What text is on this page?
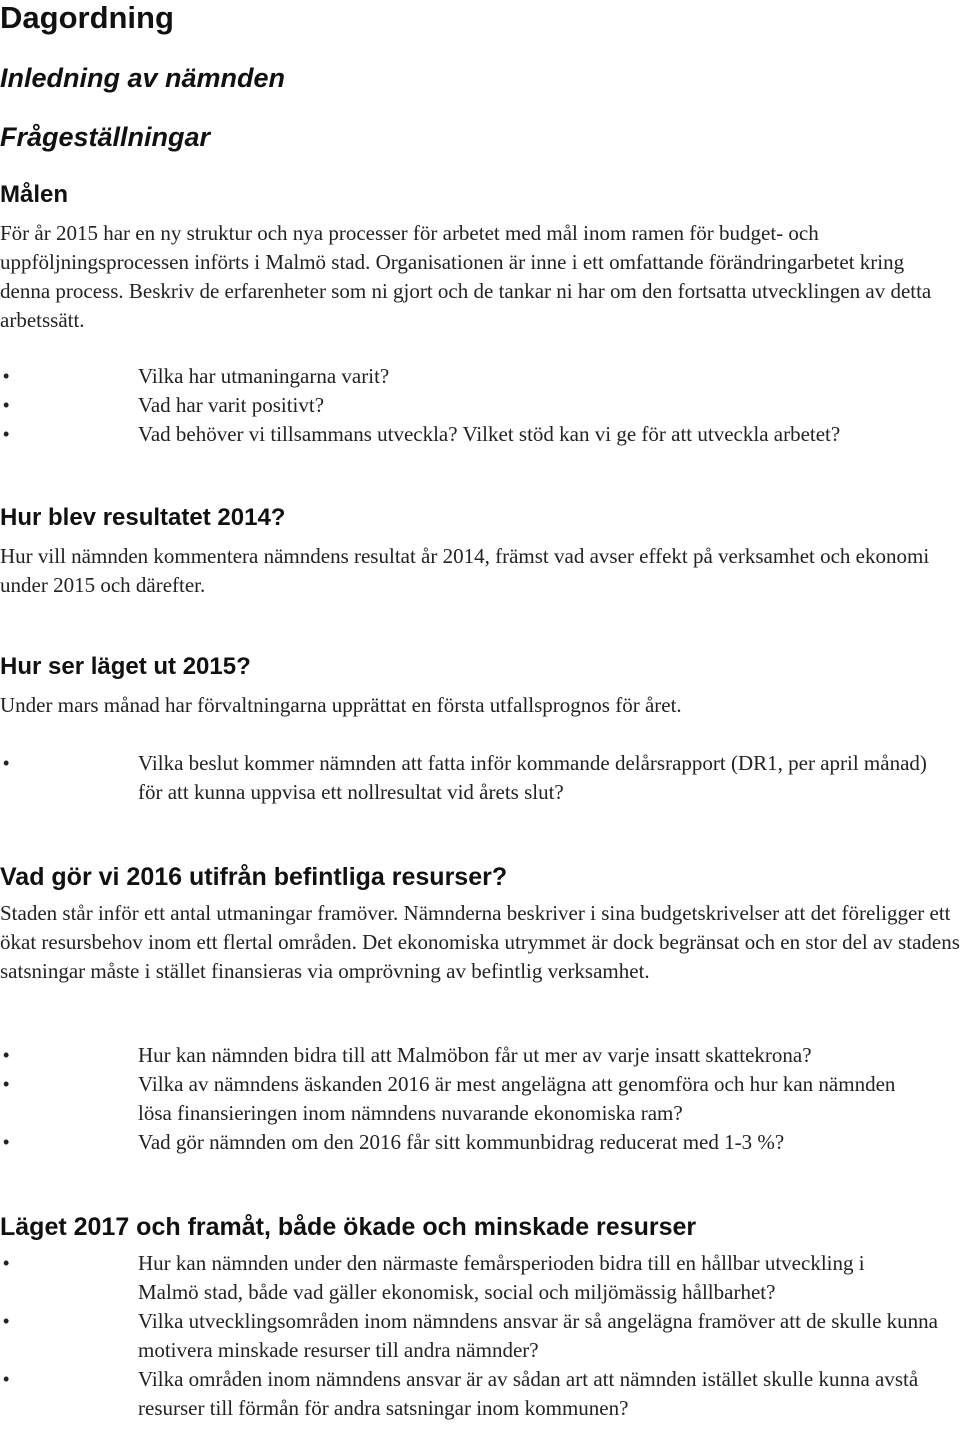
Dagordning
Inledning av nämnden
Frågeställningar
Målen

För år 2015 har en ny struktur och nya processer för arbetet med mål inom ramen för budget- och uppföljningsprocessen införts i Malmö stad. Organisationen är inne i ett omfattande förändringarbetet kring denna process. Beskriv de erfarenheter som ni gjort och de tankar ni har om den fortsatta utvecklingen av detta arbetssätt.

•	Vilka har utmaningarna varit?
•	Vad har varit positivt?
•	Vad behöver vi tillsammans utveckla? Vilket stöd kan vi ge för att utveckla arbetet?
Hur blev resultatet 2014?

Hur vill nämnden kommentera nämndens resultat år 2014, främst vad avser effekt på verksamhet och ekonomi under 2015 och därefter.

Hur ser läget ut 2015?

Under mars månad har förvaltningarna upprättat en första utfallsprognos för året.

•	Vilka beslut kommer nämnden att fatta inför kommande delårsrapport (DR1, per april månad) för att kunna uppvisa ett nollresultat vid årets slut?
Vad gör vi 2016 utifrån befintliga resurser?

Staden står inför ett antal utmaningar framöver. Nämnderna beskriver i sina budgetskrivelser att det föreligger ett ökat resursbehov inom ett flertal områden. Det ekonomiska utrymmet är dock begränsat och en stor del av stadens satsningar måste i stället finansieras via omprövning av befintlig verksamhet.

•	Hur kan nämnden bidra till att Malmöbon får ut mer av varje insatt skattekrona?
•	Vilka av nämndens äskanden 2016 är mest angelägna att genomföra och hur kan nämnden lösa finansieringen inom nämndens nuvarande ekonomiska ram?
•	Vad gör nämnden om den 2016 får sitt kommunbidrag reducerat med 1-3 %?
Läget 2017 och framåt, både ökade och minskade resurser
•	Hur kan nämnden under den närmaste femårsperioden bidra till en hållbar utveckling i Malmö stad, både vad gäller ekonomisk, social och miljömässig hållbarhet?
•	Vilka utvecklingsområden inom nämndens ansvar är så angelägna framöver att de skulle kunna motivera minskade resurser till andra nämnder?
•	Vilka områden inom nämndens ansvar är av sådan art att nämnden istället skulle kunna avstå resurser till förmån för andra satsningar inom kommunen?
